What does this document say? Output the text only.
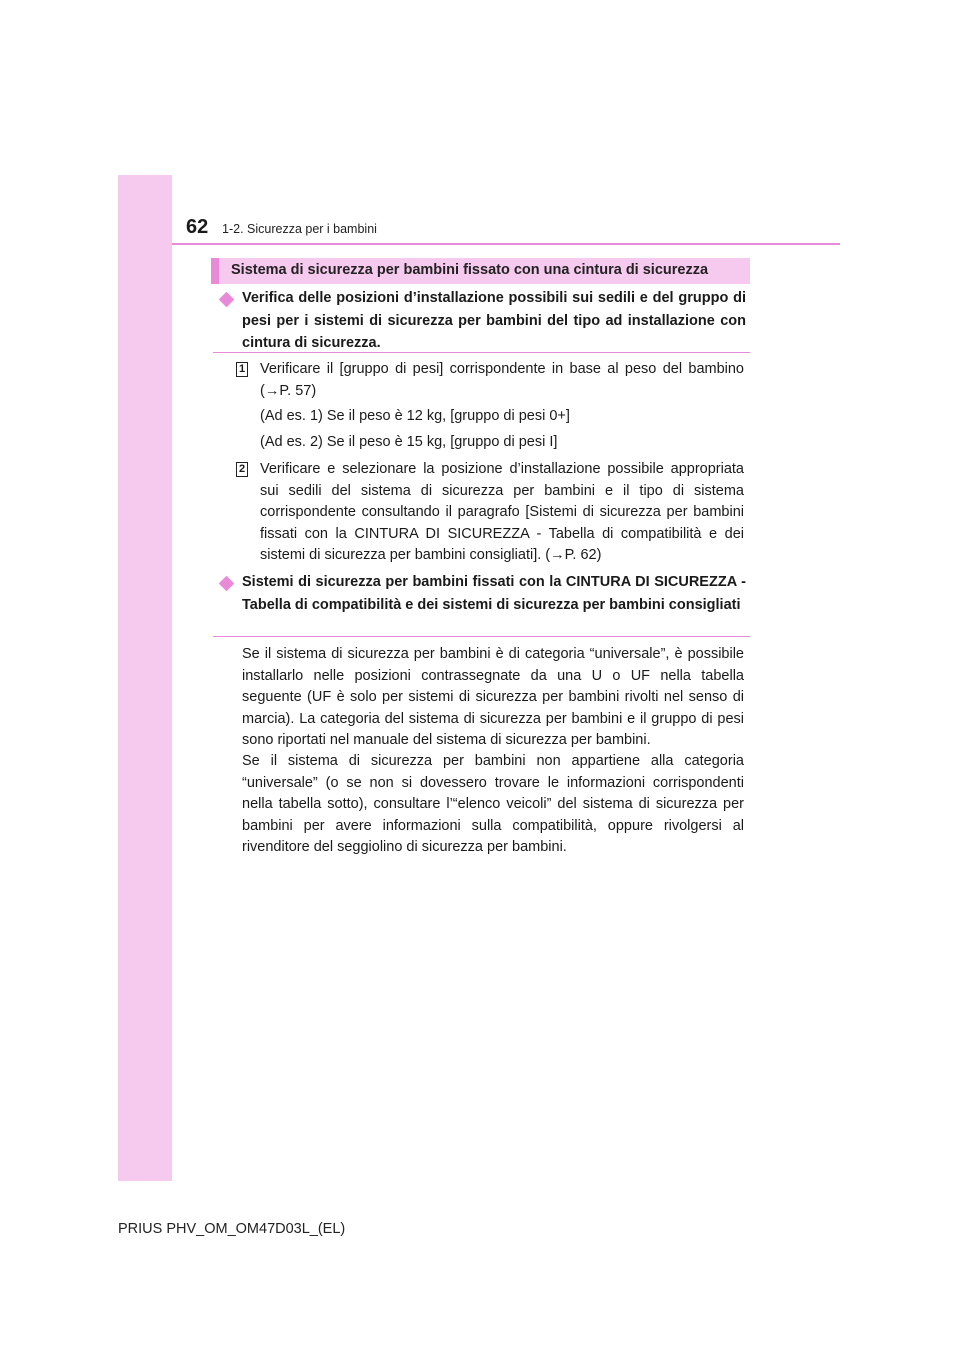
62 1-2. Sicurezza per i bambini
Sistema di sicurezza per bambini fissato con una cintura di sicurezza
Verifica delle posizioni d’installazione possibili sui sedili e del gruppo di pesi per i sistemi di sicurezza per bambini del tipo ad installazione con cintura di sicurezza.
1 Verificare il [gruppo di pesi] corrispondente in base al peso del bambino (→P. 57)
(Ad es. 1) Se il peso è 12 kg, [gruppo di pesi 0+]
(Ad es. 2) Se il peso è 15 kg, [gruppo di pesi I]
2 Verificare e selezionare la posizione d’installazione possibile appropriata sui sedili del sistema di sicurezza per bambini e il tipo di sistema corrispondente consultando il paragrafo [Sistemi di sicurezza per bambini fissati con la CINTURA DI SICUREZZA - Tabella di compatibilità e dei sistemi di sicurezza per bambini consigliati]. (→P. 62)
Sistemi di sicurezza per bambini fissati con la CINTURA DI SICUREZZA - Tabella di compatibilità e dei sistemi di sicurezza per bambini consigliati
Se il sistema di sicurezza per bambini è di categoria “universale”, è possibile installarlo nelle posizioni contrassegnate da una U o UF nella tabella seguente (UF è solo per sistemi di sicurezza per bambini rivolti nel senso di marcia). La categoria del sistema di sicurezza per bambini e il gruppo di pesi sono riportati nel manuale del sistema di sicurezza per bambini.
Se il sistema di sicurezza per bambini non appartiene alla categoria “universale” (o se non si dovessero trovare le informazioni corrispondenti nella tabella sotto), consultare l’“elenco veicoli” del sistema di sicurezza per bambini per avere informazioni sulla compatibilità, oppure rivolgersi al rivenditore del seggiolino di sicurezza per bambini.
PRIUS PHV_OM_OM47D03L_(EL)
